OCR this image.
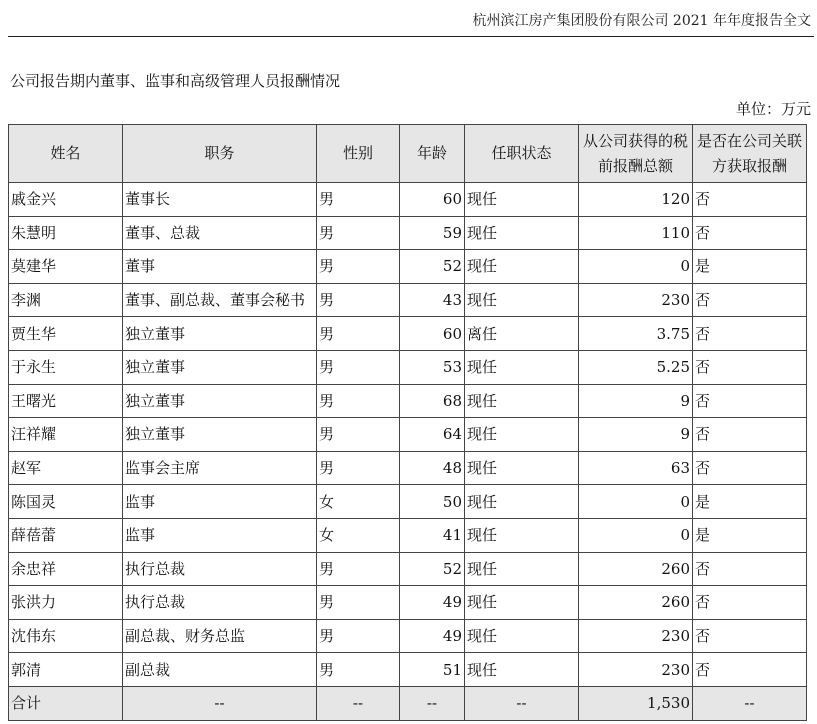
杭州滨江房产集团股份有限公司 2021 年年度报告全文
公司报告期内董事、监事和高级管理人员报酬情况
单位：万元
姓名	职务	性别	年龄	任职状态	从公司获得的税前报酬总额	是否在公司关联方获取报酬
戚金兴	董事长	男	60	现任	120	否
朱慧明	董事、总裁	男	59	现任	110	否
莫建华	董事	男	52	现任	0	是
李渊	董事、副总裁、董事会秘书	男	43	现任	230	否
贾生华	独立董事	男	60	离任	3.75	否
于永生	独立董事	男	53	现任	5.25	否
王曙光	独立董事	男	68	现任	9	否
汪祥耀	独立董事	男	64	现任	9	否
赵军	监事会主席	男	48	现任	63	否
陈国灵	监事	女	50	现任	0	是
薛蓓蕾	监事	女	41	现任	0	是
余忠祥	执行总裁	男	52	现任	260	否
张洪力	执行总裁	男	49	现任	260	否
沈伟东	副总裁、财务总监	男	49	现任	230	否
郭清	副总裁	男	51	现任	230	否
合计	--	--	--	--	1,530	--
